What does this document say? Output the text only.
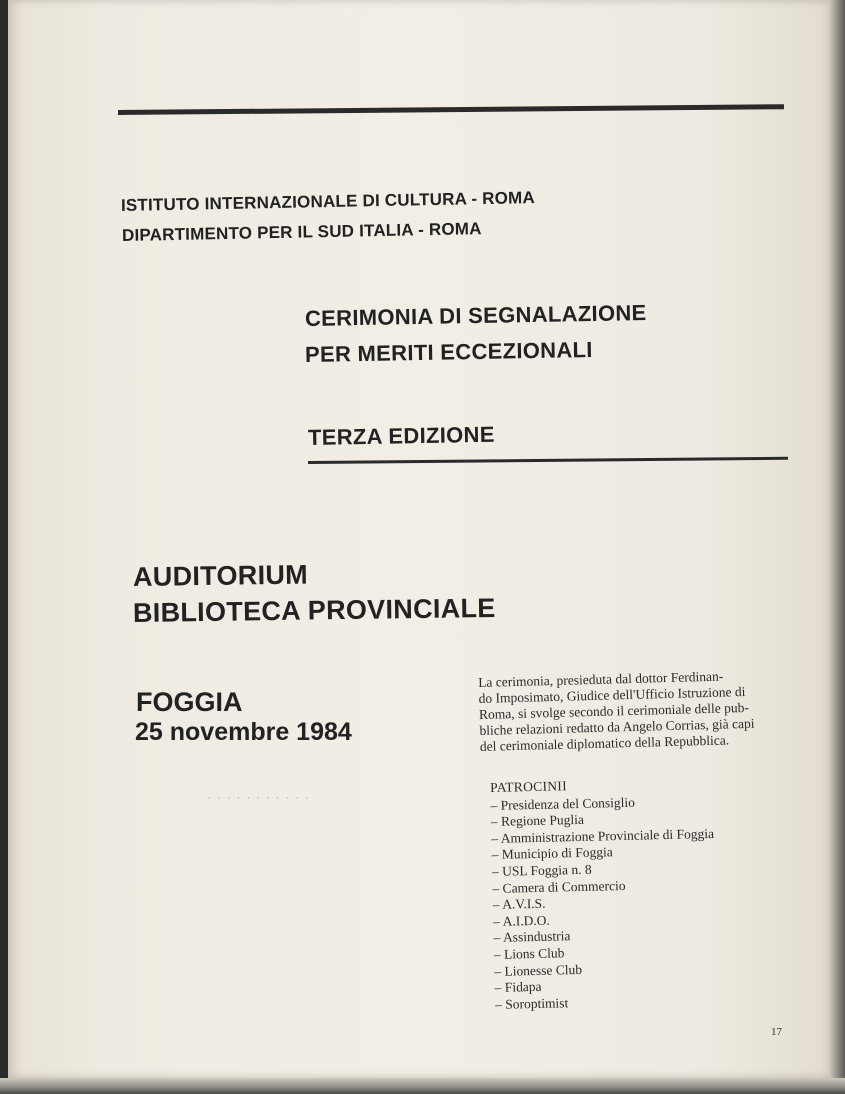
ISTITUTO INTERNAZIONALE DI CULTURA - ROMA

DIPARTIMENTO PER IL SUD ITALIA - ROMA

CERIMONIA DI SEGNALAZIONE

PER MERITI ECCEZIONALI

TERZA EDIZIONE

AUDITORIUM

BIBLIOTECA PROVINCIALE

FOGGIA

25 novembre 1984

· · · · · · · · · · ·
La cerimonia, presieduta dal dottor Ferdinan-
do Imposimato, Giudice dell'Ufficio Istruzione di
Roma, si svolge secondo il cerimoniale delle pub-
bliche relazioni redatto da Angelo Corrias, già capi
del cerimoniale diplomatico della Repubblica.
PATROCINII
– Presidenza del Consiglio
– Regione Puglia
– Amministrazione Provinciale di Foggia
– Municipio di Foggia
– USL Foggia n. 8
– Camera di Commercio
– A.V.I.S.
– A.I.D.O.
– Assindustria
– Lions Club
– Lionesse Club
– Fidapa
– Soroptimist
17
